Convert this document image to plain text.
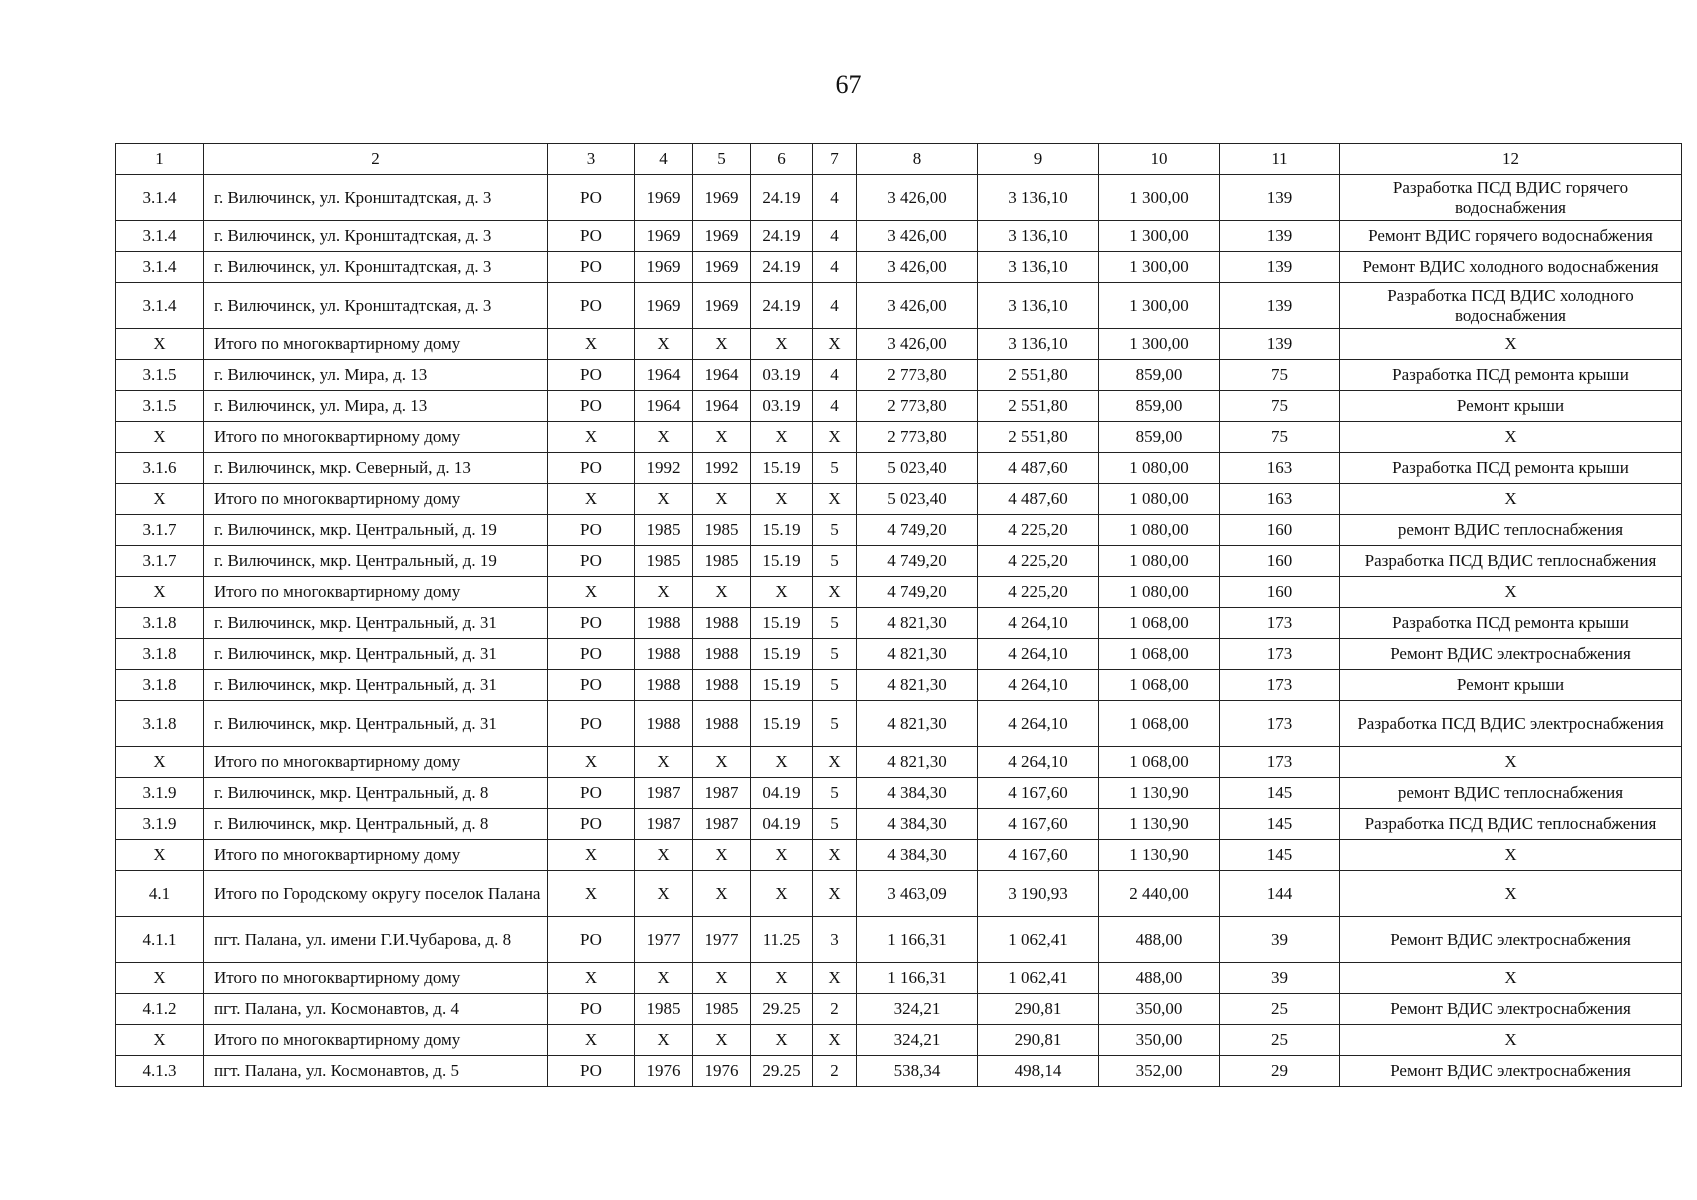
67
1	2	3	4	5	6	7	8	9	10	11	12
3.1.4	г. Вилючинск, ул. Кронштадтская, д. 3	РО	1969	1969	24.19	4	3 426,00	3 136,10	1 300,00	139	Разработка ПСД ВДИС горячего водоснабжения
3.1.4	г. Вилючинск, ул. Кронштадтская, д. 3	РО	1969	1969	24.19	4	3 426,00	3 136,10	1 300,00	139	Ремонт ВДИС горячего водоснабжения
3.1.4	г. Вилючинск, ул. Кронштадтская, д. 3	РО	1969	1969	24.19	4	3 426,00	3 136,10	1 300,00	139	Ремонт ВДИС холодного водоснабжения
3.1.4	г. Вилючинск, ул. Кронштадтская, д. 3	РО	1969	1969	24.19	4	3 426,00	3 136,10	1 300,00	139	Разработка ПСД ВДИС холодного водоснабжения
Х	Итого по многоквартирному дому	Х	Х	Х	Х	Х	3 426,00	3 136,10	1 300,00	139	Х
3.1.5	г. Вилючинск, ул. Мира, д. 13	РО	1964	1964	03.19	4	2 773,80	2 551,80	859,00	75	Разработка ПСД ремонта крыши
3.1.5	г. Вилючинск, ул. Мира, д. 13	РО	1964	1964	03.19	4	2 773,80	2 551,80	859,00	75	Ремонт крыши
Х	Итого по многоквартирному дому	Х	Х	Х	Х	Х	2 773,80	2 551,80	859,00	75	Х
3.1.6	г. Вилючинск, мкр. Северный, д. 13	РО	1992	1992	15.19	5	5 023,40	4 487,60	1 080,00	163	Разработка ПСД ремонта крыши
Х	Итого по многоквартирному дому	Х	Х	Х	Х	Х	5 023,40	4 487,60	1 080,00	163	Х
3.1.7	г. Вилючинск, мкр. Центральный, д. 19	РО	1985	1985	15.19	5	4 749,20	4 225,20	1 080,00	160	ремонт ВДИС теплоснабжения
3.1.7	г. Вилючинск, мкр. Центральный, д. 19	РО	1985	1985	15.19	5	4 749,20	4 225,20	1 080,00	160	Разработка ПСД ВДИС теплоснабжения
Х	Итого по многоквартирному дому	Х	Х	Х	Х	Х	4 749,20	4 225,20	1 080,00	160	Х
3.1.8	г. Вилючинск, мкр. Центральный, д. 31	РО	1988	1988	15.19	5	4 821,30	4 264,10	1 068,00	173	Разработка ПСД ремонта крыши
3.1.8	г. Вилючинск, мкр. Центральный, д. 31	РО	1988	1988	15.19	5	4 821,30	4 264,10	1 068,00	173	Ремонт ВДИС электроснабжения
3.1.8	г. Вилючинск, мкр. Центральный, д. 31	РО	1988	1988	15.19	5	4 821,30	4 264,10	1 068,00	173	Ремонт крыши
3.1.8	г. Вилючинск, мкр. Центральный, д. 31	РО	1988	1988	15.19	5	4 821,30	4 264,10	1 068,00	173	Разработка ПСД ВДИС электроснабжения
Х	Итого по многоквартирному дому	Х	Х	Х	Х	Х	4 821,30	4 264,10	1 068,00	173	Х
3.1.9	г. Вилючинск, мкр. Центральный, д. 8	РО	1987	1987	04.19	5	4 384,30	4 167,60	1 130,90	145	ремонт ВДИС теплоснабжения
3.1.9	г. Вилючинск, мкр. Центральный, д. 8	РО	1987	1987	04.19	5	4 384,30	4 167,60	1 130,90	145	Разработка ПСД ВДИС теплоснабжения
Х	Итого по многоквартирному дому	Х	Х	Х	Х	Х	4 384,30	4 167,60	1 130,90	145	Х
4.1	Итого по Городскому округу поселок Палана	Х	Х	Х	Х	Х	3 463,09	3 190,93	2 440,00	144	Х
4.1.1	пгт. Палана, ул. имени Г.И.Чубарова, д. 8	РО	1977	1977	11.25	3	1 166,31	1 062,41	488,00	39	Ремонт ВДИС электроснабжения
Х	Итого по многоквартирному дому	Х	Х	Х	Х	Х	1 166,31	1 062,41	488,00	39	Х
4.1.2	пгт. Палана, ул. Космонавтов, д. 4	РО	1985	1985	29.25	2	324,21	290,81	350,00	25	Ремонт ВДИС электроснабжения
Х	Итого по многоквартирному дому	Х	Х	Х	Х	Х	324,21	290,81	350,00	25	Х
4.1.3	пгт. Палана, ул. Космонавтов, д. 5	РО	1976	1976	29.25	2	538,34	498,14	352,00	29	Ремонт ВДИС электроснабжения
